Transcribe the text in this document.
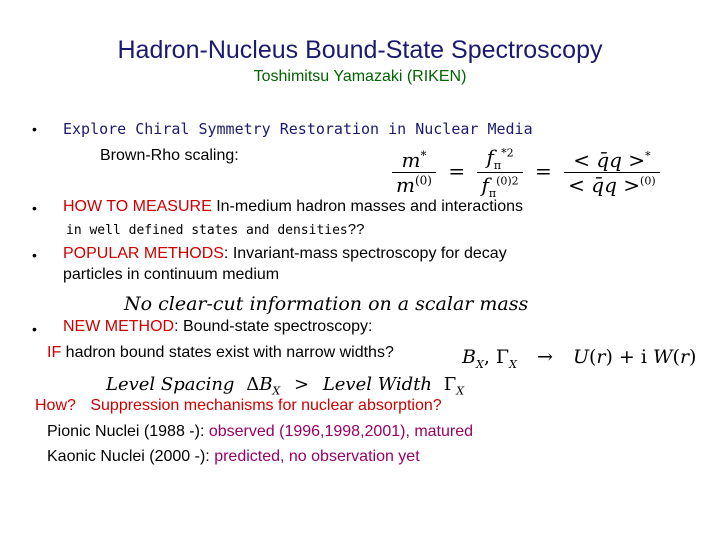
Hadron-Nucleus Bound-State Spectroscopy
Toshimitsu Yamazaki (RIKEN)
• Explore Chiral Symmetry Restoration in Nuclear Media
Brown-Rho scaling:	$\frac{m^*}{m^{(0)}} = \frac{f_\pi^{*2}}{f_\pi^{(0)2}} = \frac{< q̄q >^*}{< q̄q >^{(0)}}$
• HOW TO MEASURE In-medium hadron masses and interactions
in well defined states and densities??
• POPULAR METHODS: Invariant-mass spectroscopy for decay
particles in continuum medium
No clear-cut information on a scalar mass
• NEW METHOD: Bound-state spectroscopy:
IF hadron bound states exist with narrow widths?	$B_X$, $\Gamma_X \to U(r) + i$ W(r)
Level Spacing $\Delta B_X$ > Level Width $\Gamma_X$
How? Suppression mechanisms for nuclear absorption?
Pionic Nuclei (1988 -): observed (1996,1998,2001), matured
Kaonic Nuclei (2000 -): predicted, no observation yet
